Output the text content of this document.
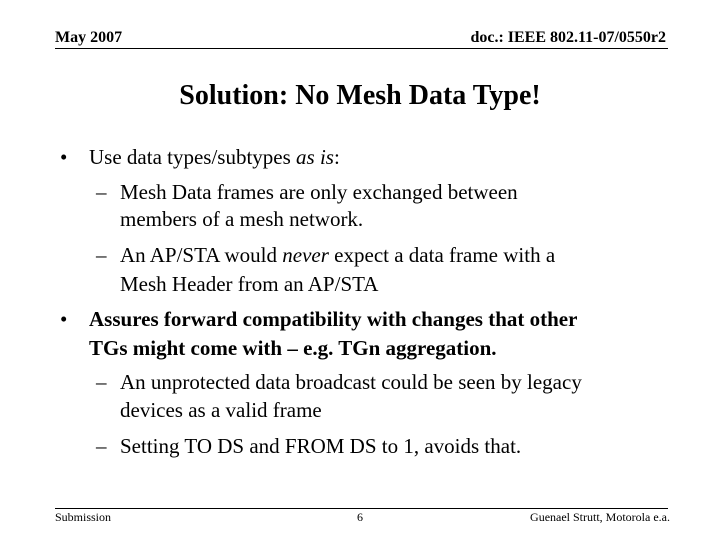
May 2007	doc.: IEEE 802.11-07/0550r2
Solution: No Mesh Data Type!
• Use data types/subtypes as is:
– Mesh Data frames are only exchanged between
members of a mesh network.
– An AP/STA would never expect a data frame with a
Mesh Header from an AP/STA
• Assures forward compatibility with changes that other
TGs might come with – e.g. TGn aggregation.
– An unprotected data broadcast could be seen by legacy
devices as a valid frame
– Setting TO DS and FROM DS to 1, avoids that.
Submission	6	Guenael Strutt, Motorola e.a.
